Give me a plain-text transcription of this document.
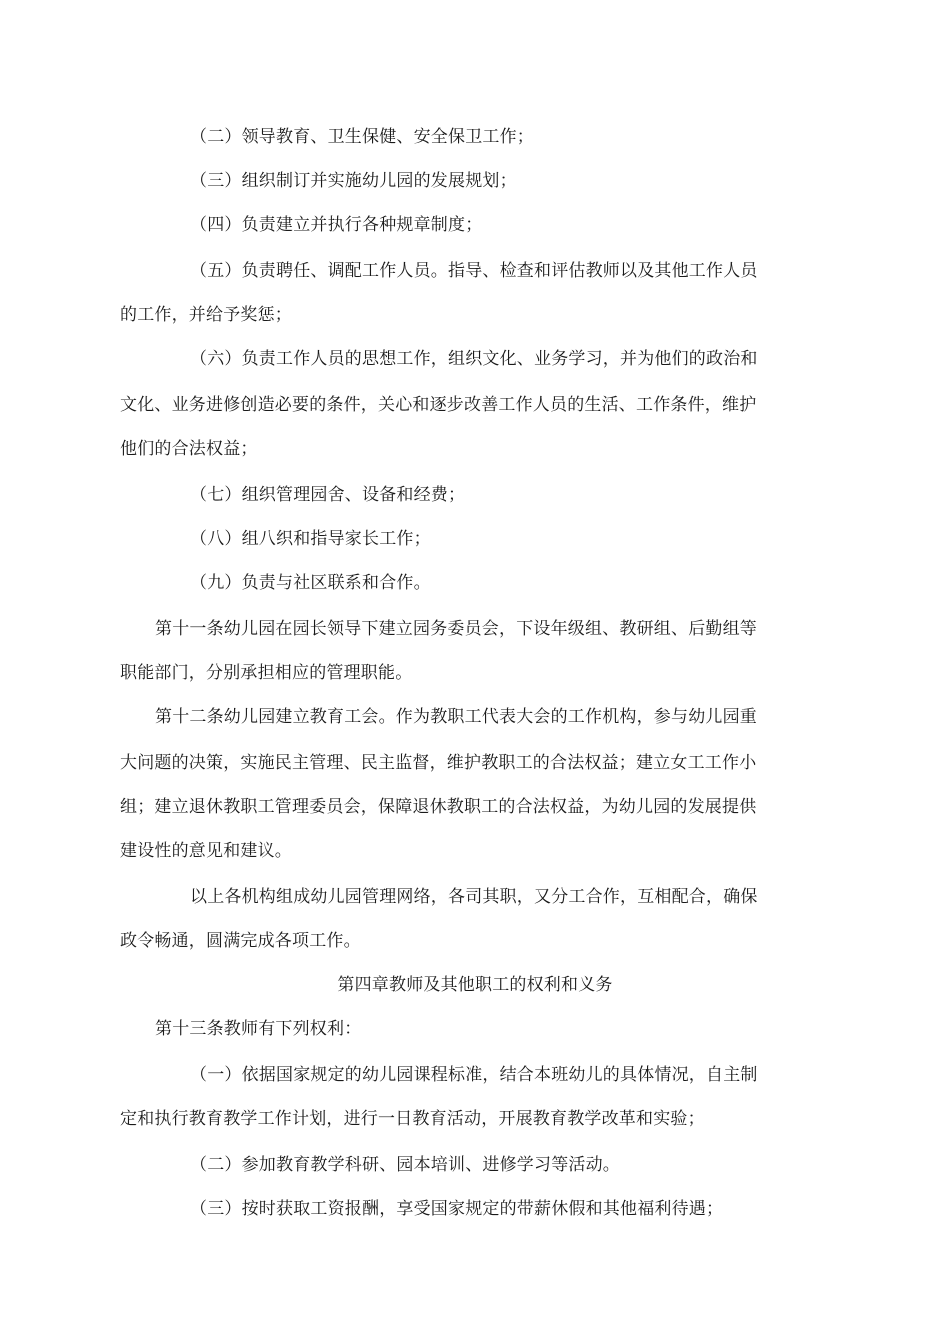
（二）领导教育、卫生保健、安全保卫工作；
（三）组织制订并实施幼儿园的发展规划；
（四）负责建立并执行各种规章制度；
（五）负责聘任、调配工作人员。指导、检查和评估教师以及其他工作人员
的工作，并给予奖惩；
（六）负责工作人员的思想工作，组织文化、业务学习，并为他们的政治和
文化、业务进修创造必要的条件，关心和逐步改善工作人员的生活、工作条件，维护
他们的合法权益；
（七）组织管理园舍、设备和经费；
（八）组八织和指导家长工作；
（九）负责与社区联系和合作。
第十一条幼儿园在园长领导下建立园务委员会，下设年级组、教研组、后勤组等
职能部门，分别承担相应的管理职能。
第十二条幼儿园建立教育工会。作为教职工代表大会的工作机构，参与幼儿园重
大问题的决策，实施民主管理、民主监督，维护教职工的合法权益；建立女工工作小
组；建立退休教职工管理委员会，保障退休教职工的合法权益，为幼儿园的发展提供
建设性的意见和建议。
以上各机构组成幼儿园管理网络，各司其职，又分工合作，互相配合，确保
政令畅通，圆满完成各项工作。
第四章教师及其他职工的权利和义务
第十三条教师有下列权利：
（一）依据国家规定的幼儿园课程标准，结合本班幼儿的具体情况，自主制
定和执行教育教学工作计划，进行一日教育活动，开展教育教学改革和实验；
（二）参加教育教学科研、园本培训、进修学习等活动。
（三）按时获取工资报酬，享受国家规定的带薪休假和其他福利待遇；
